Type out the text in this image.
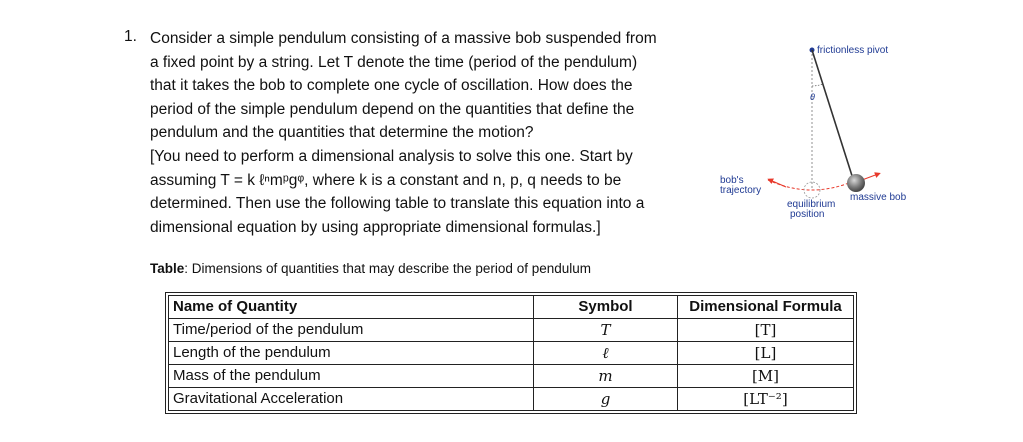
1. Consider a simple pendulum consisting of a massive bob suspended from
a fixed point by a string. Let T denote the time (period of the pendulum)
that it takes the bob to complete one cycle of oscillation. How does the
period of the simple pendulum depend on the quantities that define the
pendulum and the quantities that determine the motion?
[You need to perform a dimensional analysis to solve this one. Start by
assuming T = k ℓⁿmᵖgᵠ, where k is a constant and n, p, q needs to be
determined. Then use the following table to translate this equation into a
dimensional equation by using appropriate dimensional formulas.]
Table: Dimensions of quantities that may describe the period of pendulum
Name of Quantity	Symbol	Dimensional Formula
Time/period of the pendulum	T	[T]
Length of the pendulum	ℓ	[L]
Mass of the pendulum	m	[M]
Gravitational Acceleration	g	[LT⁻²]
frictionless pivot
θ
bob's
trajectory
equilibrium
position
massive bob
